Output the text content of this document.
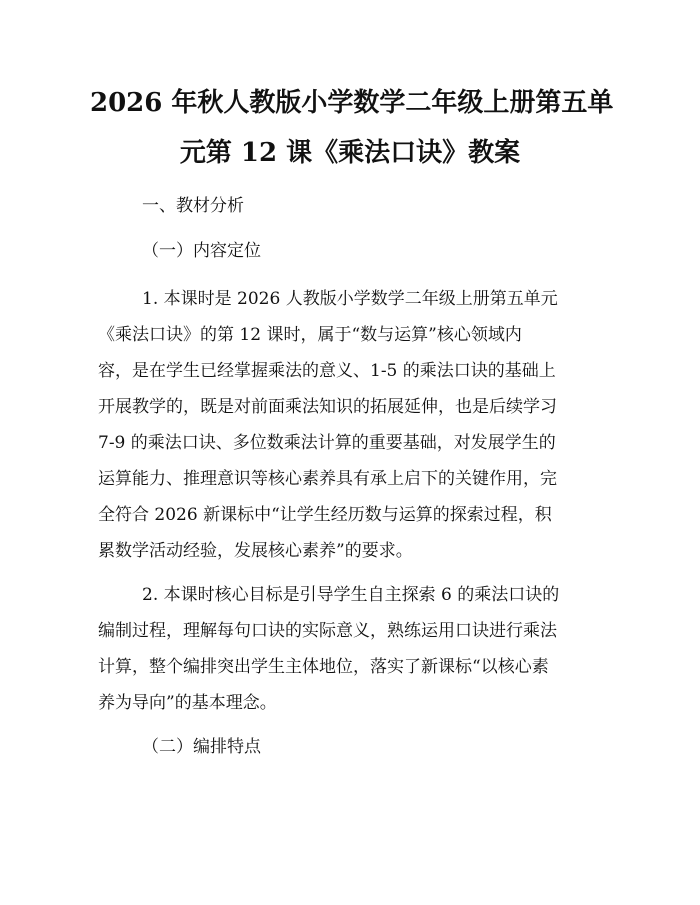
2026 年秋人教版小学数学二年级上册第五单
元第 12 课《乘法口诀》教案

一、教材分析

（一）内容定位

1. 本课时是 2026 人教版小学数学二年级上册第五单元
《乘法口诀》的第 12 课时，属于“数与运算”核心领域内
容，是在学生已经掌握乘法的意义、1-5 的乘法口诀的基础上
开展教学的，既是对前面乘法知识的拓展延伸，也是后续学习
7-9 的乘法口诀、多位数乘法计算的重要基础，对发展学生的
运算能力、推理意识等核心素养具有承上启下的关键作用，完
全符合 2026 新课标中“让学生经历数与运算的探索过程，积
累数学活动经验，发展核心素养”的要求。
2. 本课时核心目标是引导学生自主探索 6 的乘法口诀的
编制过程，理解每句口诀的实际意义，熟练运用口诀进行乘法
计算，整个编排突出学生主体地位，落实了新课标“以核心素
养为导向”的基本理念。

（二）编排特点
